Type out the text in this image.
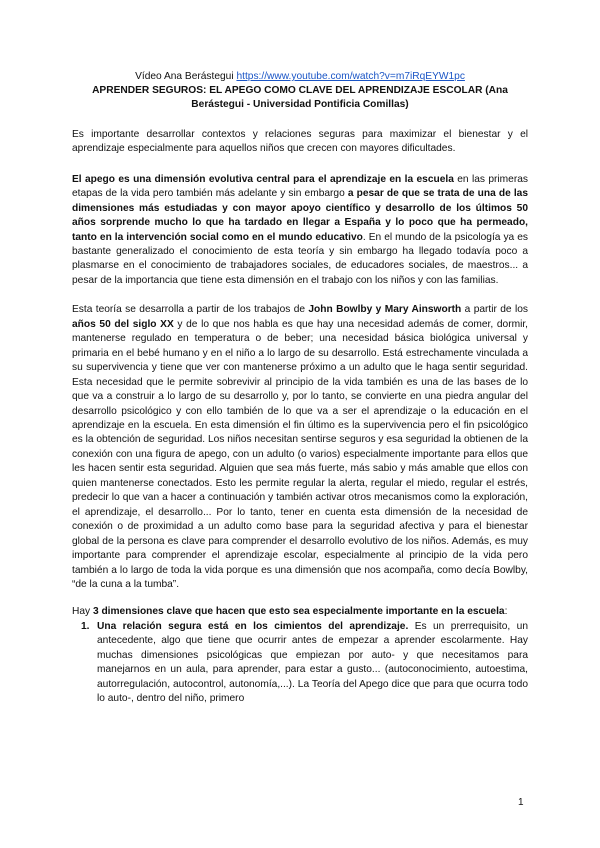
Vídeo Ana Berástegui https://www.youtube.com/watch?v=m7iRqEYW1pc
APRENDER SEGUROS: EL APEGO COMO CLAVE DEL APRENDIZAJE ESCOLAR (Ana Berástegui - Universidad Pontificia Comillas)

Es importante desarrollar contextos y relaciones seguras para maximizar el bienestar y el aprendizaje especialmente para aquellos niños que crecen con mayores dificultades.

El apego es una dimensión evolutiva central para el aprendizaje en la escuela en las primeras etapas de la vida pero también más adelante y sin embargo a pesar de que se trata de una de las dimensiones más estudiadas y con mayor apoyo científico y desarrollo de los últimos 50 años sorprende mucho lo que ha tardado en llegar a España y lo poco que ha permeado, tanto en la intervención social como en el mundo educativo. En el mundo de la psicología ya es bastante generalizado el conocimiento de esta teoría y sin embargo ha llegado todavía poco a plasmarse en el conocimiento de trabajadores sociales, de educadores sociales, de maestros... a pesar de la importancia que tiene esta dimensión en el trabajo con los niños y con las familias.

Esta teoría se desarrolla a partir de los trabajos de John Bowlby y Mary Ainsworth a partir de los años 50 del siglo XX y de lo que nos habla es que hay una necesidad además de comer, dormir, mantenerse regulado en temperatura o de beber; una necesidad básica biológica universal y primaria en el bebé humano y en el niño a lo largo de su desarrollo. Está estrechamente vinculada a su supervivencia y tiene que ver con mantenerse próximo a un adulto que le haga sentir seguridad. Esta necesidad que le permite sobrevivir al principio de la vida también es una de las bases de lo que va a construir a lo largo de su desarrollo y, por lo tanto, se convierte en una piedra angular del desarrollo psicológico y con ello también de lo que va a ser el aprendizaje o la educación en el aprendizaje en la escuela. En esta dimensión el fin último es la supervivencia pero el fin psicológico es la obtención de seguridad. Los niños necesitan sentirse seguros y esa seguridad la obtienen de la conexión con una figura de apego, con un adulto (o varios) especialmente importante para ellos que les hacen sentir esta seguridad. Alguien que sea más fuerte, más sabio y más amable que ellos con quien mantenerse conectados. Esto les permite regular la alerta, regular el miedo, regular el estrés, predecir lo que van a hacer a continuación y también activar otros mecanismos como la exploración, el aprendizaje, el desarrollo... Por lo tanto, tener en cuenta esta dimensión de la necesidad de conexión o de proximidad a un adulto como base para la seguridad afectiva y para el bienestar global de la persona es clave para comprender el desarrollo evolutivo de los niños. Además, es muy importante para comprender el aprendizaje escolar, especialmente al principio de la vida pero también a lo largo de toda la vida porque es una dimensión que nos acompaña, como decía Bowlby, “de la cuna a la tumba”.

Hay 3 dimensiones clave que hacen que esto sea especialmente importante en la escuela:

1. Una relación segura está en los cimientos del aprendizaje. Es un prerrequisito, un antecedente, algo que tiene que ocurrir antes de empezar a aprender escolarmente. Hay muchas dimensiones psicológicas que empiezan por auto- y que necesitamos para manejarnos en un aula, para aprender, para estar a gusto... (autoconocimiento, autoestima, autorregulación, autocontrol, autonomía,...). La Teoría del Apego dice que para que ocurra todo lo auto-, dentro del niño, primero
1
